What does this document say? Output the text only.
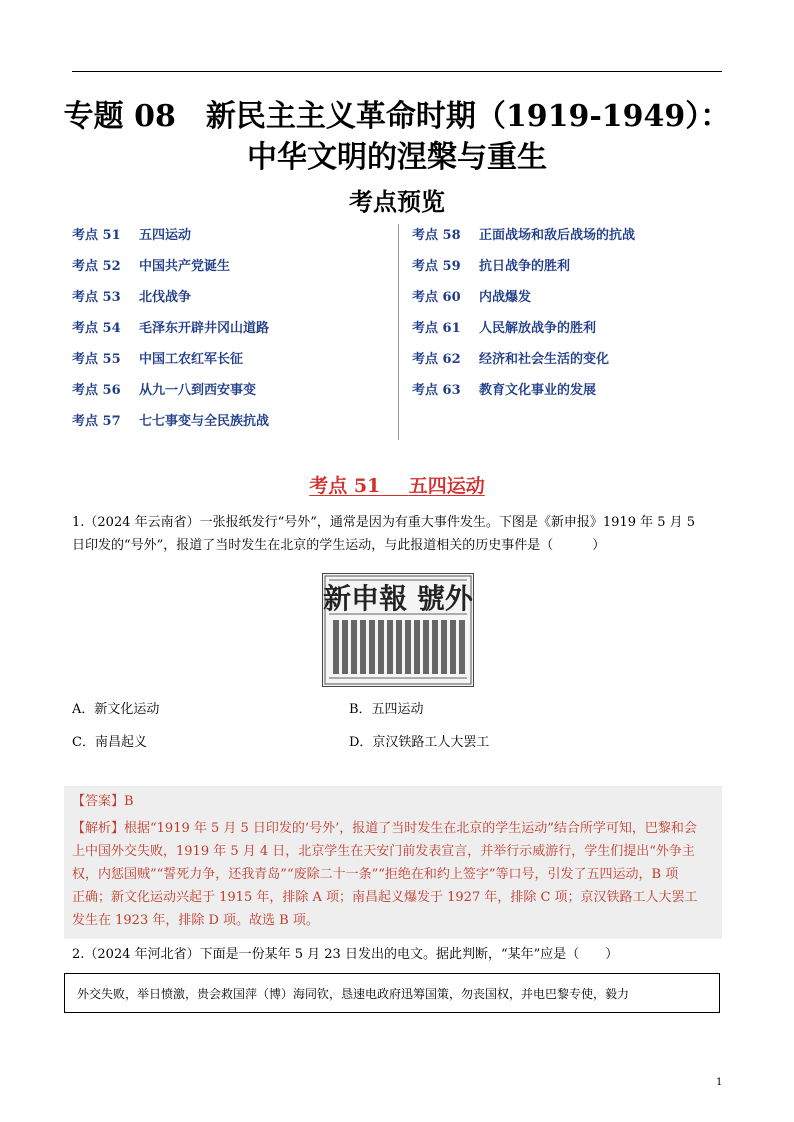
专题 08　新民主主义革命时期（1919-1949）：
中华文明的涅槃与重生
考点预览
考点 51 五四运动
考点 52 中国共产党诞生
考点 53 北伐战争
考点 54 毛泽东开辟井冈山道路
考点 55 中国工农红军长征
考点 56 从九一八到西安事变
考点 57 七七事变与全民族抗战
考点 58 正面战场和敌后战场的抗战
考点 59 抗日战争的胜利
考点 60 内战爆发
考点 61 人民解放战争的胜利
考点 62 经济和社会生活的变化
考点 63 教育文化事业的发展
考点 51　  五四运动
1.（2024 年云南省）一张报纸发行“号外”，通常是因为有重大事件发生。下图是《新申报》1919 年 5 月 5
日印发的“号外”，报道了当时发生在北京的学生运动，与此报道相关的历史事件是（　　　）
新申報 號外
A．新文化运动	B．五四运动
C．南昌起义	D．京汉铁路工人大罢工
【答案】B
【解析】根据“1919 年 5 月 5 日印发的‘号外’，报道了当时发生在北京的学生运动”结合所学可知，巴黎和会
上中国外交失败，1919 年 5 月 4 日，北京学生在天安门前发表宣言，并举行示威游行，学生们提出“外争主
权，内惩国贼”“誓死力争，还我青岛”“废除二十一条”“拒绝在和约上签字”等口号，引发了五四运动，B 项
正确；新文化运动兴起于 1915 年，排除 A 项；南昌起义爆发于 1927 年，排除 C 项；京汉铁路工人大罢工
发生在 1923 年，排除 D 项。故选 B 项。
2.（2024 年河北省）下面是一份某年 5 月 23 日发出的电文。据此判断，“某年”应是（　　）
外交失败，举日愤激，贵会救国萍（博）海同钦，恳速电政府迅筹国策，勿丧国权，并电巴黎专使，毅力
1
